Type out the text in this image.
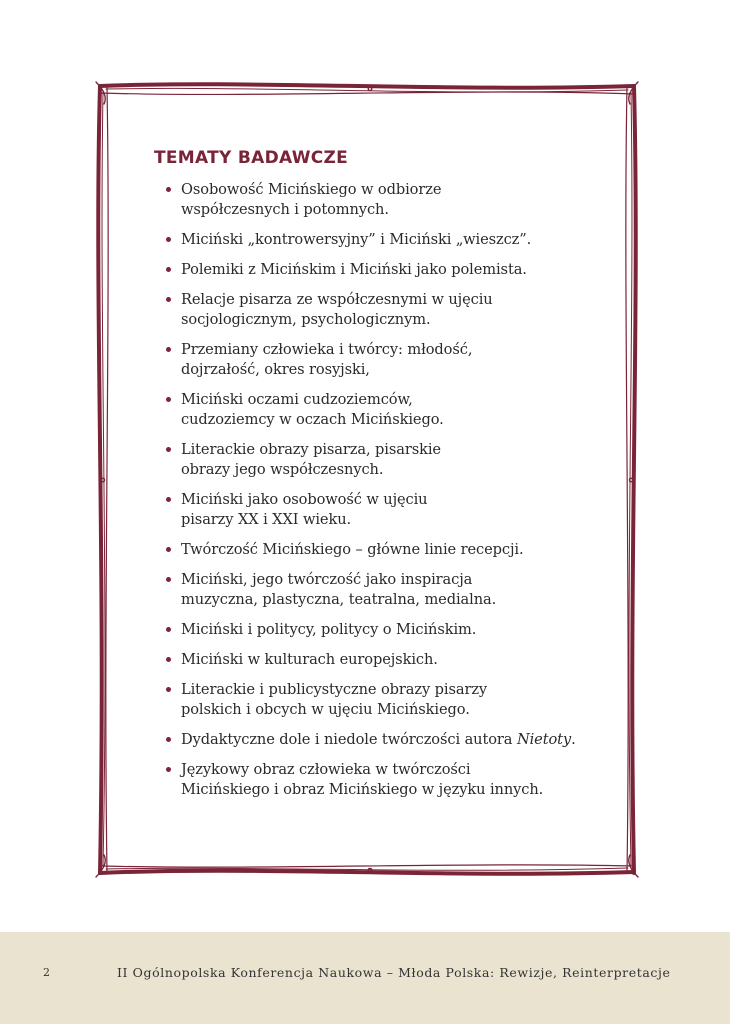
TEMATY BADAWCZE
Osobowość Micińskiego w odbiorze
współczesnych i potomnych.
Miciński „kontrowersyjny” i Miciński „wieszcz”.
Polemiki z Micińskim i Miciński jako polemista.
Relacje pisarza ze współczesnymi w ujęciu
socjologicznym, psychologicznym.
Przemiany człowieka i twórcy: młodość,
dojrzałość, okres rosyjski,
Miciński oczami cudzoziemców,
cudzoziemcy w oczach Micińskiego.
Literackie obrazy pisarza, pisarskie
obrazy jego współczesnych.
Miciński jako osobowość w ujęciu
pisarzy XX i XXI wieku.
Twórczość Micińskiego – główne linie recepcji.
Miciński, jego twórczość jako inspiracja
muzyczna, plastyczna, teatralna, medialna.
Miciński i politycy, politycy o Micińskim.
Miciński w kulturach europejskich.
Literackie i publicystyczne obrazy pisarzy
polskich i obcych w ujęciu Micińskiego.
Dydaktyczne dole i niedole twórczości autora Nietoty.
Językowy obraz człowieka w twórczości
Micińskiego i obraz Micińskiego w języku innych.
2	II Ogólnopolska Konferencja Naukowa – Młoda Polska: Rewizje, Reinterpretacje
